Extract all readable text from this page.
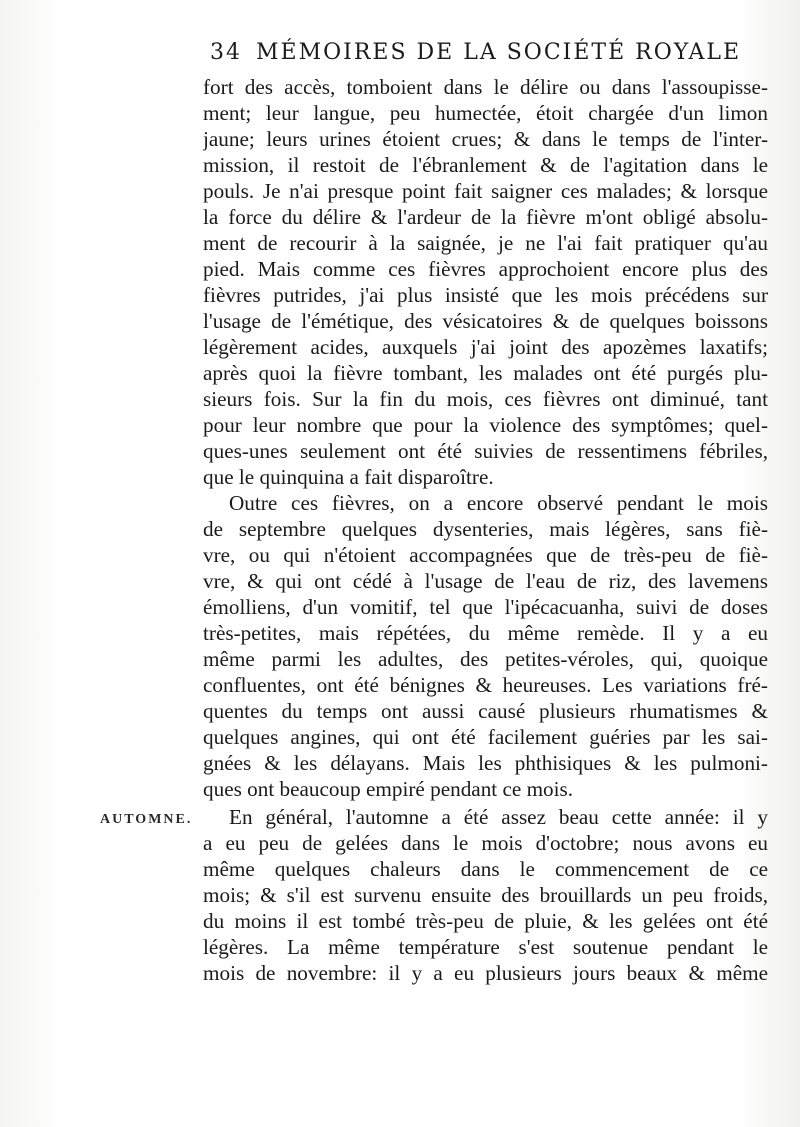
34 MÉMOIRES DE LA SOCIÉTÉ ROYALE
fort des accès, tomboient dans le délire ou dans l'assoupisse-
ment; leur langue, peu humectée, étoit chargée d'un limon
jaune; leurs urines étoient crues; & dans le temps de l'inter-
mission, il restoit de l'ébranlement & de l'agitation dans le
pouls. Je n'ai presque point fait saigner ces malades; & lorsque
la force du délire & l'ardeur de la fièvre m'ont obligé absolu-
ment de recourir à la saignée, je ne l'ai fait pratiquer qu'au
pied. Mais comme ces fièvres approchoient encore plus des
fièvres putrides, j'ai plus insisté que les mois précédens sur
l'usage de l'émétique, des vésicatoires & de quelques boissons
légèrement acides, auxquels j'ai joint des apozèmes laxatifs;
après quoi la fièvre tombant, les malades ont été purgés plu-
sieurs fois. Sur la fin du mois, ces fièvres ont diminué, tant
pour leur nombre que pour la violence des symptômes; quel-
ques-unes seulement ont été suivies de ressentimens fébriles,
que le quinquina a fait disparoître.
Outre ces fièvres, on a encore observé pendant le mois
de septembre quelques dysenteries, mais légères, sans fiè-
vre, ou qui n'étoient accompagnées que de très-peu de fiè-
vre, & qui ont cédé à l'usage de l'eau de riz, des lavemens
émolliens, d'un vomitif, tel que l'ipécacuanha, suivi de doses
très-petites, mais répétées, du même remède. Il y a eu
même parmi les adultes, des petites-véroles, qui, quoique
confluentes, ont été bénignes & heureuses. Les variations fré-
quentes du temps ont aussi causé plusieurs rhumatismes &
quelques angines, qui ont été facilement guéries par les sai-
gnées & les délayans. Mais les phthisiques & les pulmoni-
ques ont beaucoup empiré pendant ce mois.
AUTOMNE.	En général, l'automne a été assez beau cette année: il y
a eu peu de gelées dans le mois d'octobre; nous avons eu
même quelques chaleurs dans le commencement de ce
mois; & s'il est survenu ensuite des brouillards un peu froids,
du moins il est tombé très-peu de pluie, & les gelées ont été
légères. La même température s'est soutenue pendant le
mois de novembre: il y a eu plusieurs jours beaux & même
